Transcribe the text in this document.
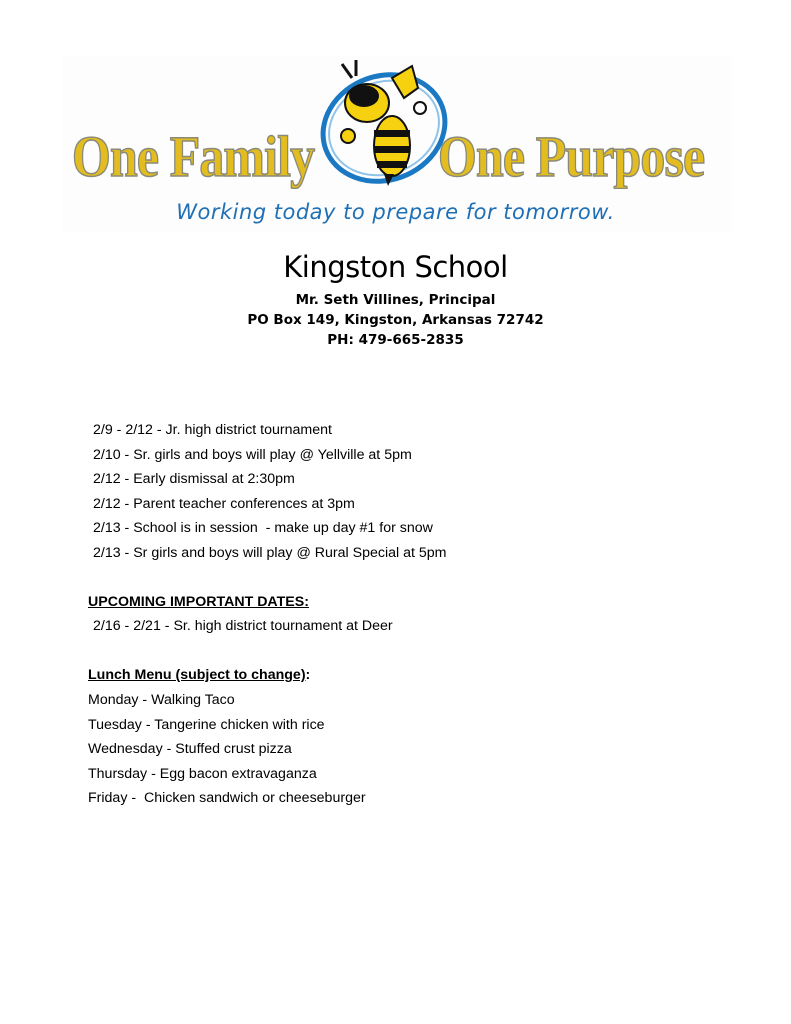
One Family One Purpose
Working today to prepare for tomorrow.
Kingston School
Mr. Seth Villines, Principal
PO Box 149, Kingston, Arkansas 72742
PH: 479-665-2835
2/9 - 2/12 - Jr. high district tournament
2/10 - Sr. girls and boys will play @ Yellville at 5pm
2/12 - Early dismissal at 2:30pm
2/12 - Parent teacher conferences at 3pm
2/13 - School is in session  - make up day #1 for snow
2/13 - Sr girls and boys will play @ Rural Special at 5pm
UPCOMING IMPORTANT DATES:
2/16 - 2/21 - Sr. high district tournament at Deer
Lunch Menu (subject to change):
Monday - Walking Taco
Tuesday - Tangerine chicken with rice
Wednesday - Stuffed crust pizza
Thursday - Egg bacon extravaganza
Friday -  Chicken sandwich or cheeseburger
